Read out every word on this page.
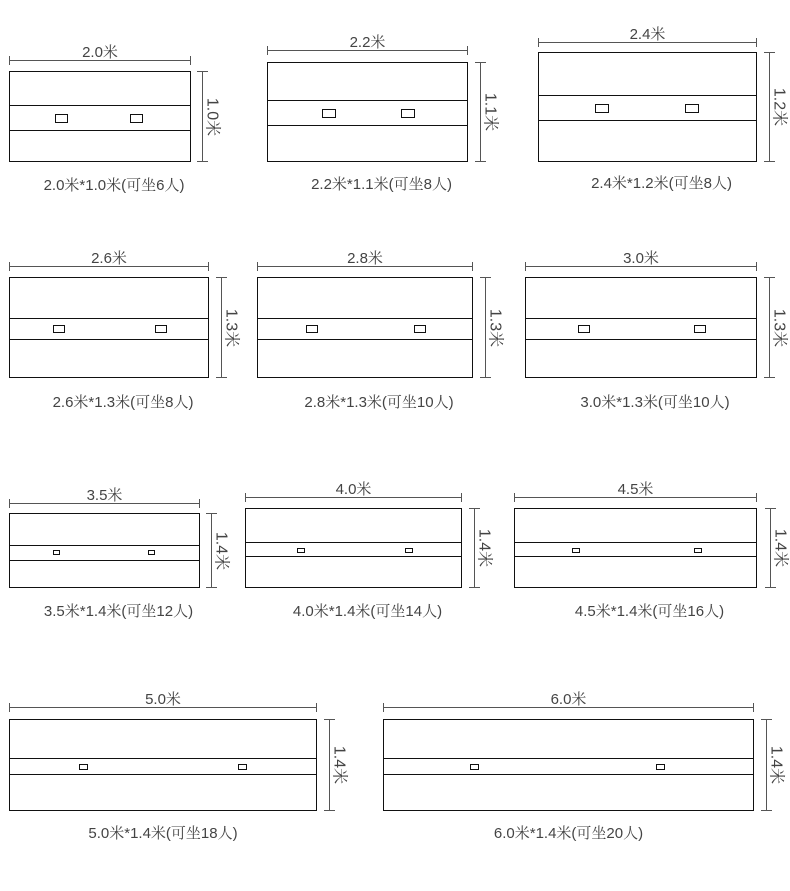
2.0米
1.0米
2.0米*1.0米(可坐6人)
2.2米
1.1米
2.2米*1.1米(可坐8人)
2.4米
1.2米
2.4米*1.2米(可坐8人)
2.6米
1.3米
2.6米*1.3米(可坐8人)
2.8米
1.3米
2.8米*1.3米(可坐10人)
3.0米
1.3米
3.0米*1.3米(可坐10人)
3.5米
1.4米
3.5米*1.4米(可坐12人)
4.0米
1.4米
4.0米*1.4米(可坐14人)
4.5米
1.4米
4.5米*1.4米(可坐16人)
5.0米
1.4米
5.0米*1.4米(可坐18人)
6.0米
1.4米
6.0米*1.4米(可坐20人)
